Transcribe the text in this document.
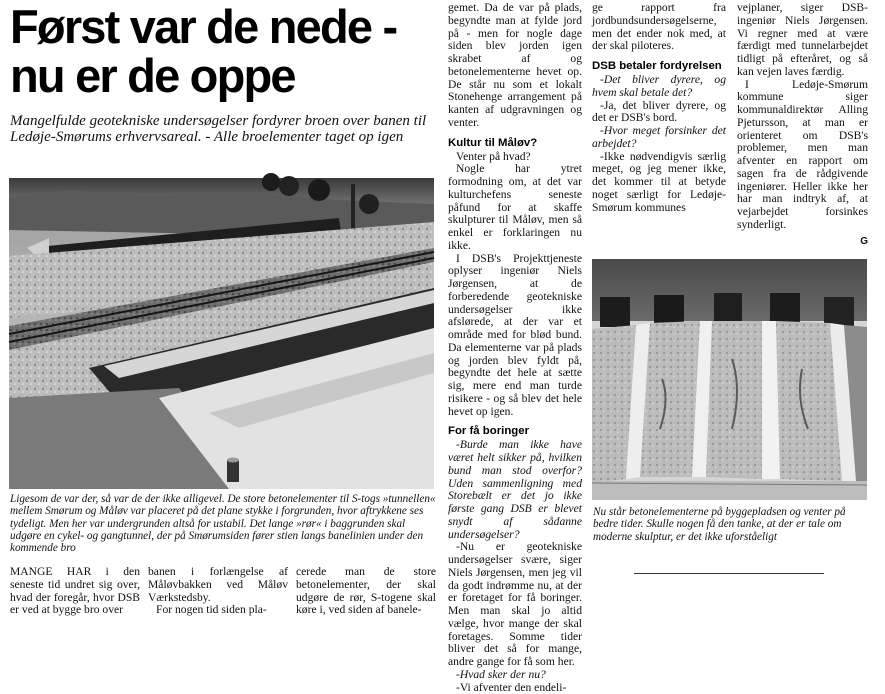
Først var de nede -
nu er de oppe

Mangelfulde geotekniske undersøgelser fordyrer broen over banen til Ledøje-Smørums erhvervsareal. - Alle broelementer taget op igen

Ligesom de var der, så var de der ikke alligevel. De store betonelementer til S-togs »tunnellen« mellem Smørum og Måløv var placeret på det plane stykke i forgrunden, hvor aftrykkene ses tydeligt. Men her var undergrunden altså for ustabil. Det lange »rør« i baggrunden skal udgøre en cykel- og gangtunnel, der på Smørumsiden fører stien langs banelinien under den kommende bro

MANGE HAR i den seneste tid undret sig over, hvad der foregår, hvor DSB er ved at bygge bro over

banen i forlængelse af Måløvbakken ved Måløv Værkstedsby.

For nogen tid siden pla-

cerede man de store betonelementer, der skal udgøre de rør, S-togene skal køre i, ved siden af banele-

gemet. Da de var på plads, begyndte man at fylde jord på - men for nogle dage siden blev jorden igen skrabet af og betonelementerne hevet op. De står nu som et lokalt Stonehenge arrangement på kanten af udgravningen og venter.

Kultur til Måløv?

Venter på hvad?

Nogle har ytret formodning om, at det var kulturchefens seneste påfund for at skaffe skulpturer til Måløv, men så enkel er forklaringen nu ikke.

I DSB's Projekttjeneste oplyser ingeniør Niels Jørgensen, at de forberedende geotekniske undersøgelser ikke afslørede, at der var et område med for blød bund. Da elementerne var på plads og jorden blev fyldt på, begyndte det hele at sætte sig, mere end man turde risikere - og så blev det hele hevet op igen.

For få boringer

-Burde man ikke have været helt sikker på, hvilken bund man stod overfor? Uden sammenligning med Storebælt er det jo ikke første gang DSB er blevet snydt af sådanne undersøgelser?

-Nu er geotekniske undersøgelser svære, siger Niels Jørgensen, men jeg vil da godt indrømme nu, at der er foretaget for få boringer. Men man skal jo altid vælge, hvor mange der skal foretages. Somme tider bliver det så for mange, andre gange for få som her.

-Hvad sker der nu?

-Vi afventer den endeli-

ge rapport fra jordbundsundersøgelserne, men det ender nok med, at der skal piloteres.

DSB betaler fordyrelsen

-Det bliver dyrere, og hvem skal betale det?

-Ja, det bliver dyrere, og det er DSB's bord.

-Hvor meget forsinker det arbejdet?

-Ikke nødvendigvis særlig meget, og jeg mener ikke, det kommer til at betyde noget særligt for Ledøje-Smørum kommunes

vejplaner, siger DSB-ingeniør Niels Jørgensen. Vi regner med at være færdigt med tunnelarbejdet tidligt på efteråret, og så kan vejen laves færdig.

I Ledøje-Smørum kommune siger kommunaldirektør Alling Pjetursson, at man er orienteret om DSB's problemer, men man afventer en rapport om sagen fra de rådgivende ingeniører. Heller ikke her har man indtryk af, at vejarbejdet forsinkes synderligt.

G

Nu står betonelementerne på byggepladsen og venter på bedre tider. Skulle nogen få den tanke, at der er tale om moderne skulptur, er det ikke uforståeligt
